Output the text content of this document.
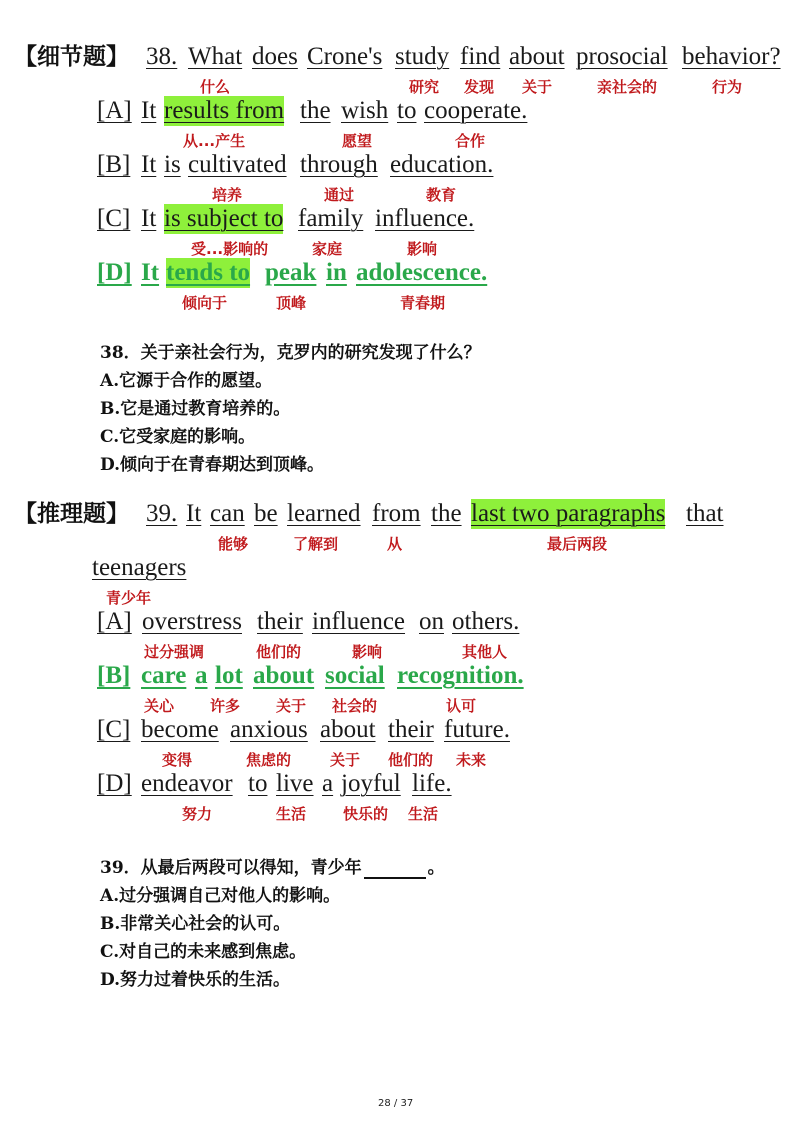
【细节题】 38. What does Crone's study find about prosocial behavior?
什么	研究 发现 关于	亲社会的	行为
[A] It results from the wish to cooperate.
从...产生	愿望	合作
[B] It is cultivated through education.
培养	通过	教育
[C] It is subject to family influence.
受...影响的	家庭	影响
[D] It tends to peak in adolescence.
倾向于	顶峰	青春期
38．关于亲社会行为，克罗内的研究发现了什么？
A.它源于合作的愿望。
B.它是通过教育培养的。
C.它受家庭的影响。
D.倾向于在青春期达到顶峰。
【推理题】 39. It can be learned from the last two paragraphs that
能够	了解到	从	最后两段
teenagers
青少年
[A] overstress their influence on others.
过分强调	他们的	影响	其他人
[B] care a lot about social recognition.
关心 许多 关于 社会的	认可
[C] become anxious about their future.
变得	焦虑的	关于 他们的 未来
[D] endeavor to live a joyful life.
努力	生活 快乐的 生活
39．从最后两段可以得知，青少年	。
A.过分强调自己对他人的影响。
B.非常关心社会的认可。
C.对自己的未来感到焦虑。
D.努力过着快乐的生活。
28 / 37
